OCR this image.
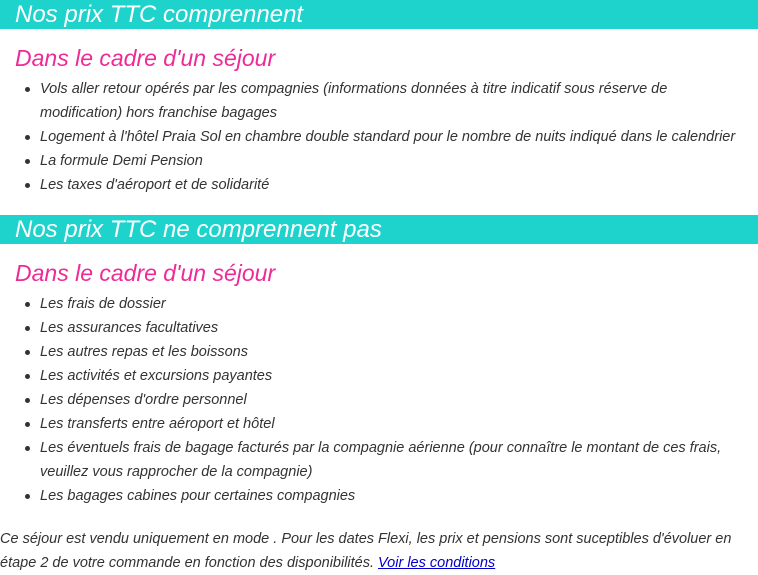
Nos prix TTC comprennent
Dans le cadre d'un séjour
Vols aller retour opérés par les compagnies (informations données à titre indicatif sous réserve de modification) hors franchise bagages
Logement à l'hôtel Praia Sol en chambre double standard pour le nombre de nuits indiqué dans le calendrier
La formule Demi Pension
Les taxes d'aéroport et de solidarité
Nos prix TTC ne comprennent pas
Dans le cadre d'un séjour
Les frais de dossier
Les assurances facultatives
Les autres repas et les boissons
Les activités et excursions payantes
Les dépenses d'ordre personnel
Les transferts entre aéroport et hôtel
Les éventuels frais de bagage facturés par la compagnie aérienne (pour connaître le montant de ces frais, veuillez vous rapprocher de la compagnie)
Les bagages cabines pour certaines compagnies
Ce séjour est vendu uniquement en mode . Pour les dates Flexi, les prix et pensions sont suceptibles d'évoluer en étape 2 de votre commande en fonction des disponibilités. Voir les conditions
